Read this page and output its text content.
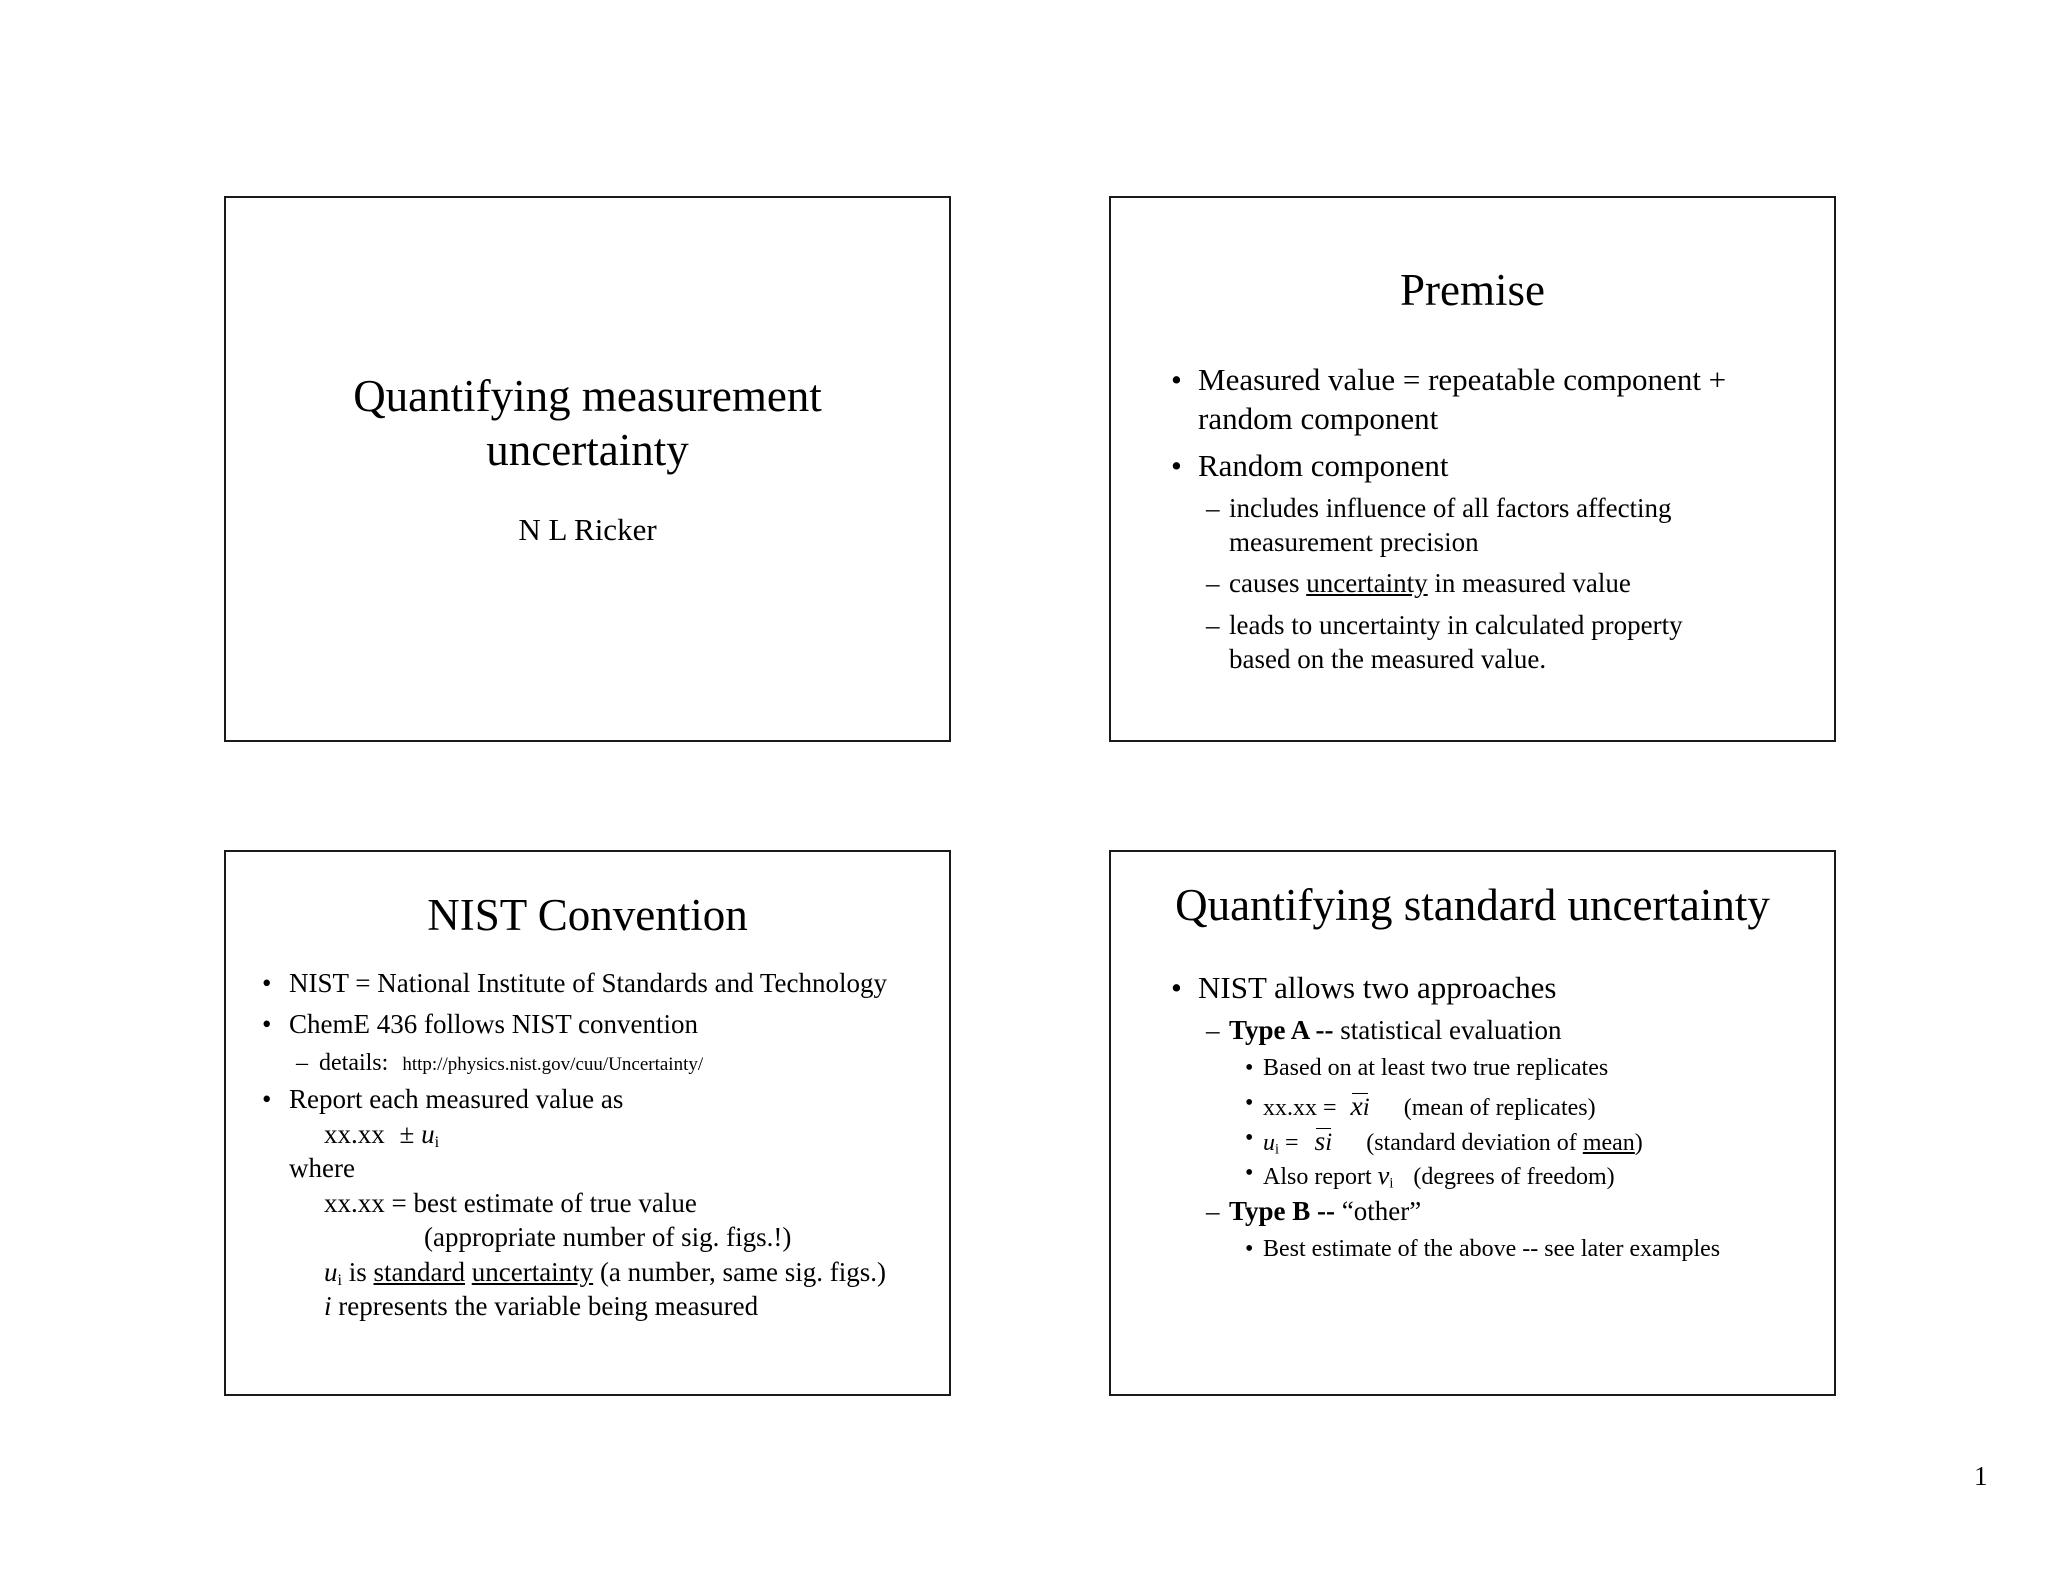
Quantifying measurement
uncertainty
N L Ricker
Premise
• Measured value = repeatable component +
random component
• Random component
– includes influence of all factors affecting
measurement precision
– causes uncertainty in measured value
– leads to uncertainty in calculated property
based on the measured value.
NIST Convention
• NIST = National Institute of Standards and Technology
• ChemE 436 follows NIST convention
– details: http://physics.nist.gov/cuu/Uncertainty/
• Report each measured value as
$xx.xx \pm u_i$
where
xx.xx = best estimate of true value
(appropriate number of sig. figs.!)
$u_i$ is standard uncertainty (a number, same sig. figs.)
i represents the variable being measured
Quantifying standard uncertainty
• NIST allows two approaches
– Type A -- statistical evaluation
• Based on at least two true replicates
• xx.xx = xi (mean of replicates)
• $u_i$ = si (standard deviation of mean)
• Also report $\nu_i$ (degrees of freedom)
– Type B -- “other”
• Best estimate of the above -- see later examples
1
